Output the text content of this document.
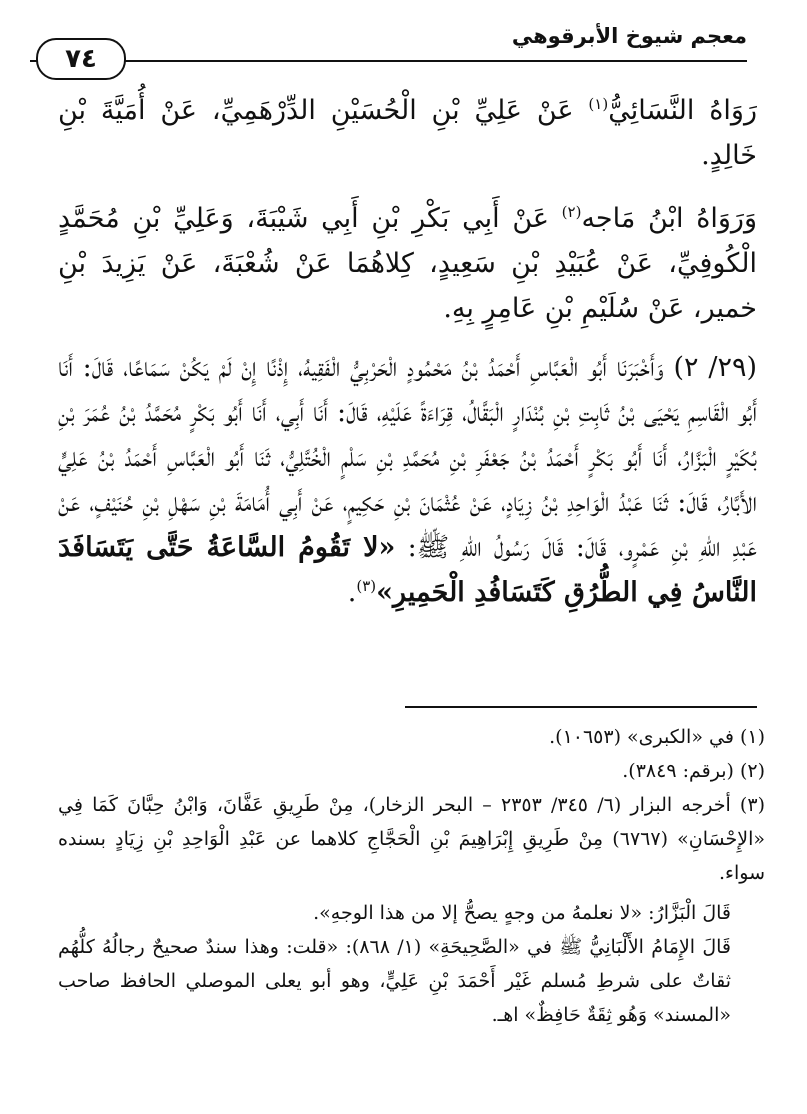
معجم شيوخ الأبرقوهي
٧٤

رَوَاهُ النَّسَائِيُّ$^{(١)}$ عَنْ عَلِيِّ بْنِ الْحُسَيْنِ الدِّرْهَمِيِّ، عَنْ أُمَيَّةَ بْنِ خَالِدٍ.

وَرَوَاهُ ابْنُ مَاجه$^{(٢)}$ عَنْ أَبِي بَكْرِ بْنِ أَبِي شَيْبَةَ، وَعَلِيِّ بْنِ مُحَمَّدٍ الْكُوفِيِّ، عَنْ عُبَيْدِ بْنِ سَعِيدٍ، كِلاهُمَا عَنْ شُعْبَةَ، عَنْ يَزِيدَ بْنِ خمير، عَنْ سُلَيْمِ بْنِ عَامِرٍ بِهِ.

(٢٩/ ٢) وَأَخْبَرَنَا أَبُو الْعَبَّاسِ أَحْمَدُ بْنُ مَحْمُودٍ الْحَرْبِيُّ الْفَقِيهُ، إِذْنًا إِنْ لَمْ يَكُنْ سَمَاعًا، قَالَ: أَنَا أَبُو الْقَاسِمِ يَحْيَى بْنُ ثَابِتِ بْنِ بُنْدَارٍ الْبَقَّالُ، قِرَاءَةً عَلَيْهِ، قَالَ: أَنَا أَبِي، أَنَا أَبُو بَكْرٍ مُحَمَّدُ بْنُ عُمَرَ بْنِ بُكَيْرٍ الْبَزَّارُ، أَنَا أَبُو بَكْرٍ أَحْمَدُ بْنُ جَعْفَرِ بْنِ مُحَمَّدِ بْنِ سَلْمٍ الْخُتَّلِيُّ، ثَنَا أَبُو الْعَبَّاسِ أَحْمَدُ بْنُ عَلِيٍّ الأَبَّارُ، قَالَ: ثَنَا عَبْدُ الْوَاحِدِ بْنُ زِيَادٍ، عَنْ عُثْمَانَ بْنِ حَكِيمٍ، عَنْ أَبِي أُمَامَةَ بْنِ سَهْلِ بْنِ حُنَيْفٍ، عَنْ عَبْدِ اللهِ بْنِ عَمْرٍو، قَالَ: قَالَ رَسُولُ اللهِ ﷺ: «لا تَقُومُ السَّاعَةُ حَتَّى يَتَسَافَدَ النَّاسُ فِي الطُّرُقِ كَتَسَافُدِ الْحَمِيرِ»$^{(٣)}$.

(١) في «الكبرى» (١٠٦٥٣).

(٢) (برقم: ٣٨٤٩).

(٣) أخرجه البزار (٦/ ٣٤٥/ ٢٣٥٣ – البحر الزخار)، مِنْ طَرِيقِ عَفَّانَ، وَابْنُ حِبَّانَ كَمَا فِي «الإِحْسَانِ» (٦٧٦٧) مِنْ طَرِيقِ إِبْرَاهِيمَ بْنِ الْحَجَّاجِ كلاهما عن عَبْدِ الْوَاحِدِ بْنِ زِيَادٍ بسنده سواء.

قَالَ الْبَزَّارُ: «لا نعلمهُ من وجهٍ يصحُّ إلا من هذا الوجهِ».

قَالَ الإِمَامُ الأَلْبَانِيُّ ﷺ في «الصَّحِيحَةِ» (١/ ٨٦٨): «قلت: وهذا سندٌ صحيحٌ رجالُهُ كلُّهُم ثقاتٌ على شرطِ مُسلم غَيْر أَحْمَدَ بْنِ عَلِيٍّ، وهو أبو يعلى الموصلي الحافظ صاحب «المسند» وَهُو ثِقَةٌ حَافِظٌ» اهـ.
